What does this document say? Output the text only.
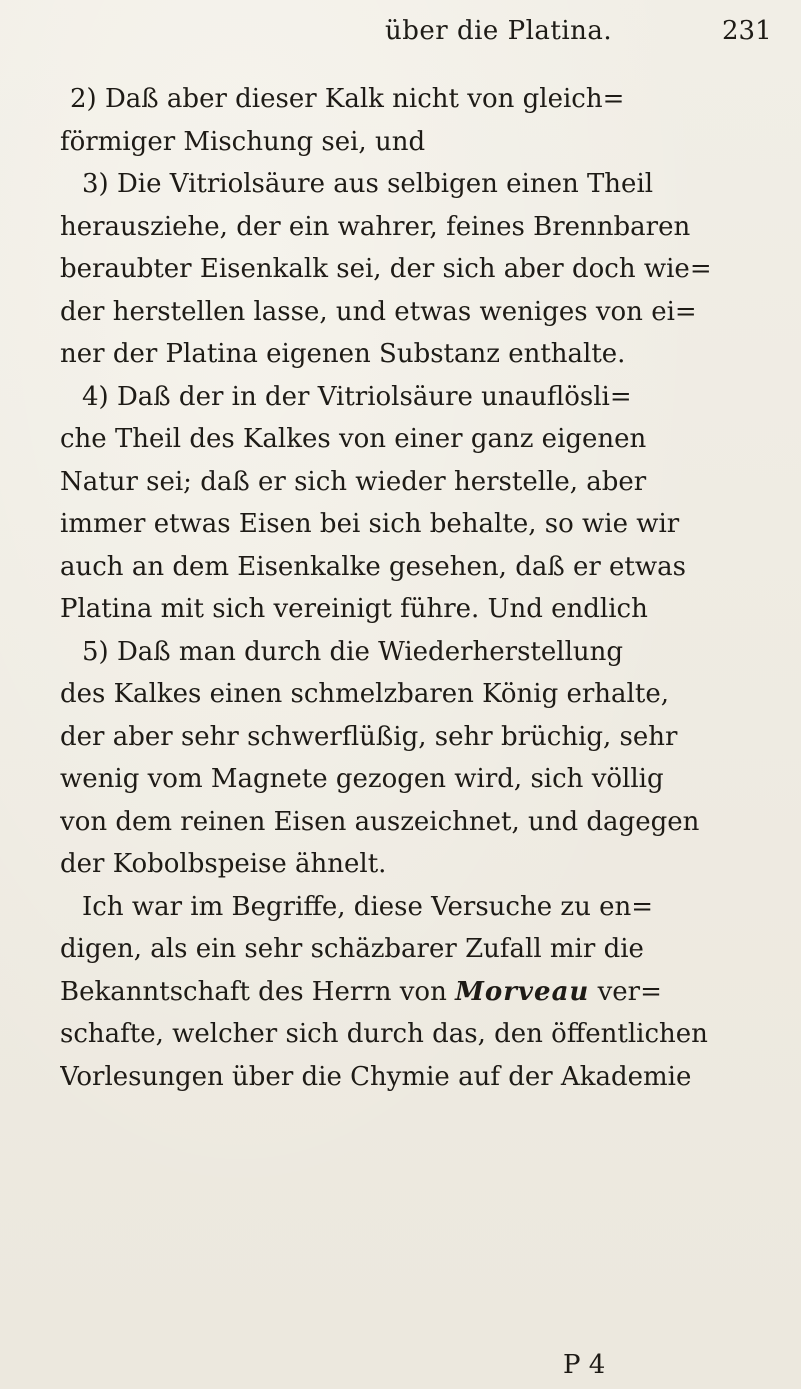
über die Platina.	231
2) Daß aber dieser Kalk nicht von gleich=
förmiger Mischung sei, und
3) Die Vitriolsäure aus selbigen einen Theil
herausziehe, der ein wahrer, feines Brennbaren
beraubter Eisenkalk sei, der sich aber doch wie=
der herstellen lasse, und etwas weniges von ei=
ner der Platina eigenen Substanz enthalte.
4) Daß der in der Vitriolsäure unauflösli=
che Theil des Kalkes von einer ganz eigenen
Natur sei; daß er sich wieder herstelle, aber
immer etwas Eisen bei sich behalte, so wie wir
auch an dem Eisenkalke gesehen, daß er etwas
Platina mit sich vereinigt führe. Und endlich
5) Daß man durch die Wiederherstellung
des Kalkes einen schmelzbaren König erhalte,
der aber sehr schwerflüßig, sehr brüchig, sehr
wenig vom Magnete gezogen wird, sich völlig
von dem reinen Eisen auszeichnet, und dagegen
der Kobolbspeise ähnelt.
Ich war im Begriffe, diese Versuche zu en=
digen, als ein sehr schäzbarer Zufall mir die
Bekanntschaft des Herrn von Morveau ver=
schafte, welcher sich durch das, den öffentlichen
Vorlesungen über die Chymie auf der Akademie
P 4
